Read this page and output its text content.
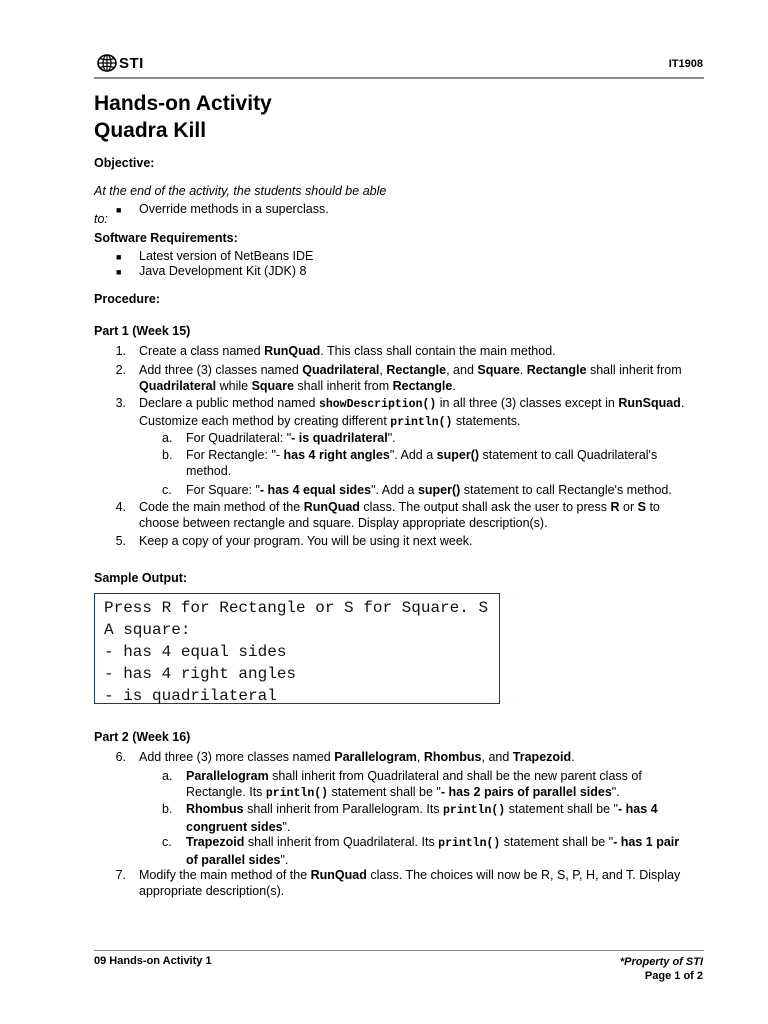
STI	IT1908
Hands-on Activity
Quadra Kill
Objective:
At the end of the activity, the students should be able
■ Override methods in a superclass.
to:
Software Requirements:
■ Latest version of NetBeans IDE
■ Java Development Kit (JDK) 8
Procedure:
Part 1 (Week 15)
1. Create a class named RunQuad. This class shall contain the main method.
2. Add three (3) classes named Quadrilateral, Rectangle, and Square. Rectangle shall inherit from
Quadrilateral while Square shall inherit from Rectangle.
3. Declare a public method named showDescription() in all three (3) classes except in RunSquad.
Customize each method by creating different println() statements.
a. For Quadrilateral: "- is quadrilateral".
b. For Rectangle: "- has 4 right angles". Add a super() statement to call Quadrilateral's
method.
c. For Square: "- has 4 equal sides". Add a super() statement to call Rectangle's method.
4. Code the main method of the RunQuad class. The output shall ask the user to press R or S to
choose between rectangle and square. Display appropriate description(s).
5. Keep a copy of your program. You will be using it next week.
Sample Output:
Press R for Rectangle or S for Square. S
A square:
- has 4 equal sides
- has 4 right angles
- is quadrilateral
Part 2 (Week 16)
6. Add three (3) more classes named Parallelogram, Rhombus, and Trapezoid.
a. Parallelogram shall inherit from Quadrilateral and shall be the new parent class of
Rectangle. Its println() statement shall be "- has 2 pairs of parallel sides".
b. Rhombus shall inherit from Parallelogram. Its println() statement shall be "- has 4
congruent sides".
c. Trapezoid shall inherit from Quadrilateral. Its println() statement shall be "- has 1 pair
of parallel sides".
7. Modify the main method of the RunQuad class. The choices will now be R, S, P, H, and T. Display
appropriate description(s).
09 Hands-on Activity 1	*Property of STI
Page 1 of 2
